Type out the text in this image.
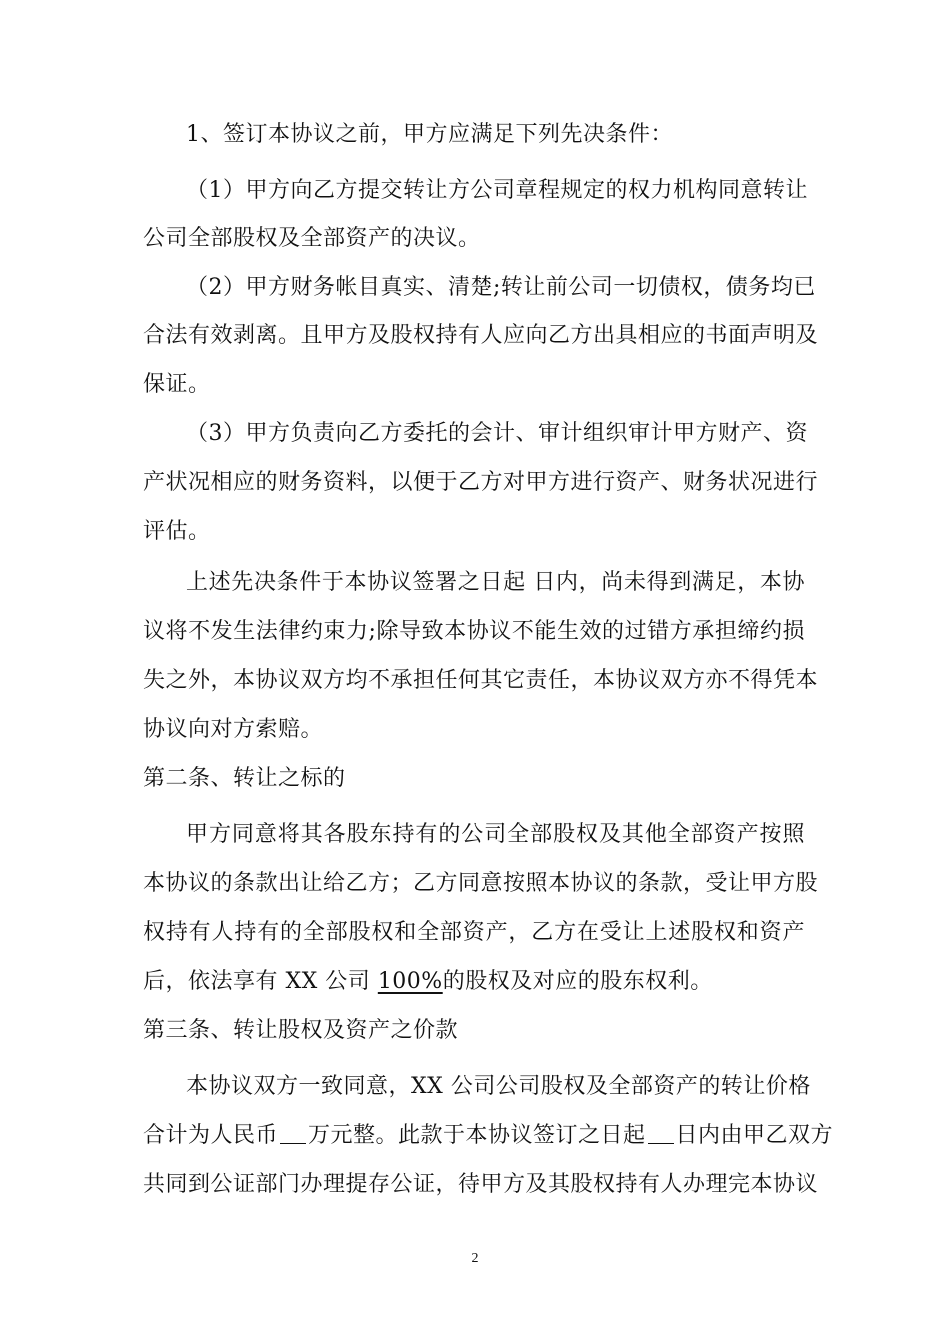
1、签订本协议之前，甲方应满足下列先决条件：
（1）甲方向乙方提交转让方公司章程规定的权力机构同意转让
公司全部股权及全部资产的决议。
（2）甲方财务帐目真实、清楚;转让前公司一切债权，债务均已
合法有效剥离。且甲方及股权持有人应向乙方出具相应的书面声明及
保证。
（3）甲方负责向乙方委托的会计、审计组织审计甲方财产、资
产状况相应的财务资料，以便于乙方对甲方进行资产、财务状况进行
评估。
上述先决条件于本协议签署之日起 日内，尚未得到满足，本协
议将不发生法律约束力;除导致本协议不能生效的过错方承担缔约损
失之外，本协议双方均不承担任何其它责任，本协议双方亦不得凭本
协议向对方索赔。
第二条、转让之标的
甲方同意将其各股东持有的公司全部股权及其他全部资产按照
本协议的条款出让给乙方；乙方同意按照本协议的条款，受让甲方股
权持有人持有的全部股权和全部资产，乙方在受让上述股权和资产
后，依法享有 XX 公司 100%的股权及对应的股东权利。
第三条、转让股权及资产之价款
本协议双方一致同意，XX 公司公司股权及全部资产的转让价格
合计为人民币 万元整。此款于本协议签订之日起 日内由甲乙双方
共同到公证部门办理提存公证，待甲方及其股权持有人办理完本协议
2
